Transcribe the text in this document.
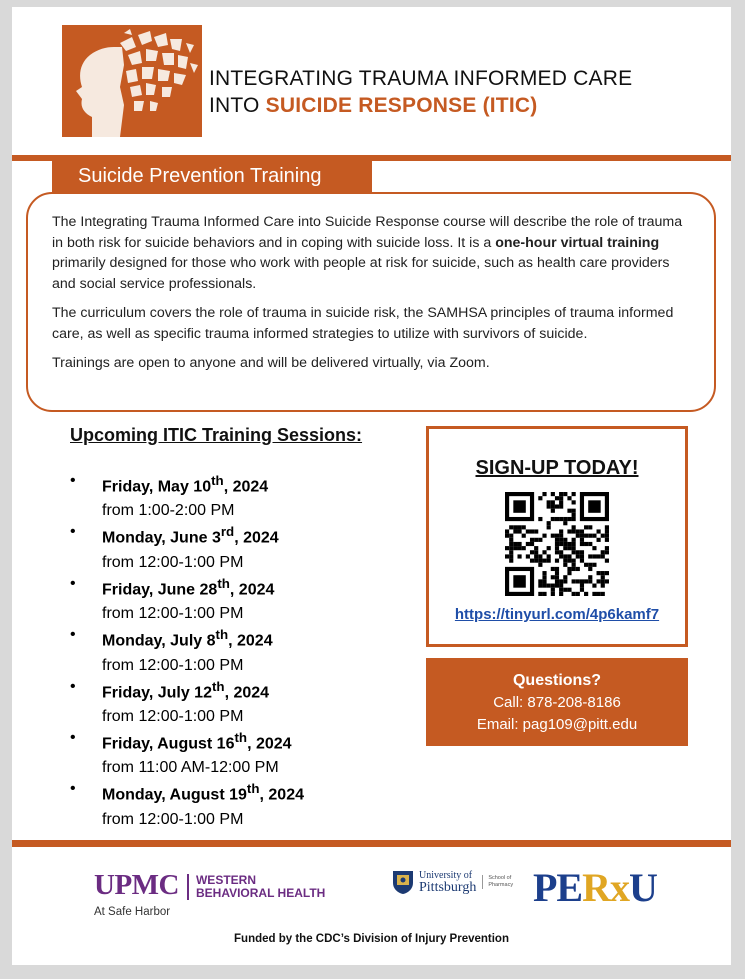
INTEGRATING TRAUMA INFORMED CARE
INTO SUICIDE RESPONSE (ITIC)
Suicide Prevention Training

The Integrating Trauma Informed Care into Suicide Response course will describe the role of trauma in both risk for suicide behaviors and in coping with suicide loss. It is a one-hour virtual training primarily designed for those who work with people at risk for suicide, such as health care providers and social service professionals.

The curriculum covers the role of trauma in suicide risk, the SAMHSA principles of trauma informed care, as well as specific trauma informed strategies to utilize with survivors of suicide.

Trainings are open to anyone and will be delivered virtually, via Zoom.

Upcoming ITIC Training Sessions:
• Friday, May 10th, 2024
from 1:00-2:00 PM
• Monday, June 3rd, 2024
from 12:00-1:00 PM
• Friday, June 28th, 2024
from 12:00-1:00 PM
• Monday, July 8th, 2024
from 12:00-1:00 PM
• Friday, July 12th, 2024
from 12:00-1:00 PM
• Friday, August 16th, 2024
from 11:00 AM-12:00 PM
• Monday, August 19th, 2024
from 12:00-1:00 PM
SIGN-UP TODAY!
https://tinyurl.com/4p6kamf7
Questions?
Call: 878-208-8186
Email: pag109@pitt.edu
UPMC WESTERN
BEHAVIORAL HEALTH
At Safe Harbor
University of
Pittsburgh
School of
Pharmacy PERxU
Funded by the CDC’s Division of Injury Prevention
